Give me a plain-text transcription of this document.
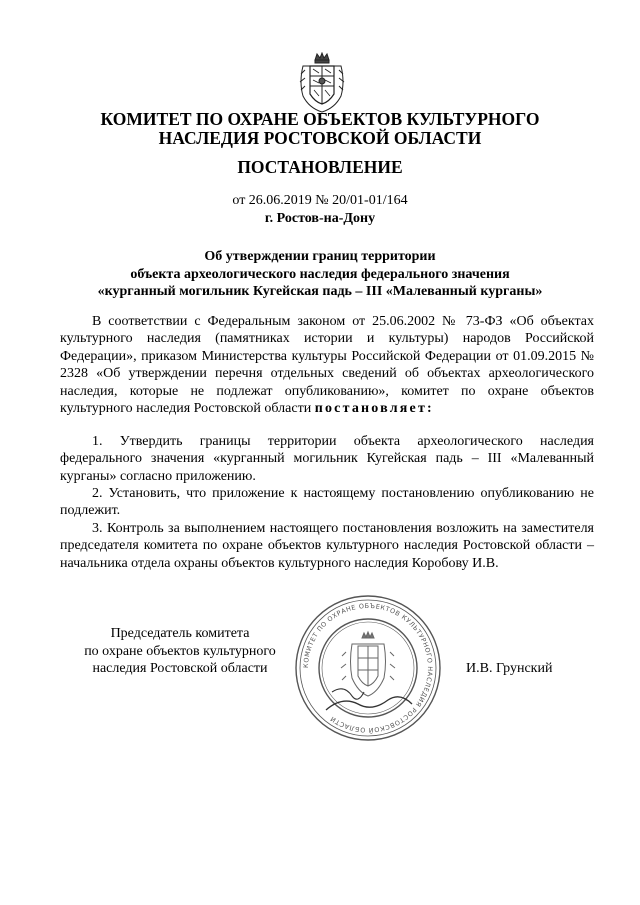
КОМИТЕТ ПО ОХРАНЕ ОБЪЕКТОВ КУЛЬТУРНОГО
НАСЛЕДИЯ РОСТОВСКОЙ ОБЛАСТИ
ПОСТАНОВЛЕНИЕ

от 26.06.2019 № 20/01-01/164

г. Ростов-на-Дону

Об утверждении границ территории
объекта археологического наследия федерального значения
«курганный могильник Кугейская падь – III «Малеванный курганы»

В соответствии с Федеральным законом от 25.06.2002 № 73-ФЗ «Об объектах культурного наследия (памятниках истории и культуры) народов Российской Федерации», приказом Министерства культуры Российской Федерации от 01.09.2015 № 2328 «Об утверждении перечня отдельных сведений об объектах археологического наследия, которые не подлежат опубликованию», комитет по охране объектов культурного наследия Ростовской области постановляет:

1. Утвердить границы территории объекта археологического наследия федерального значения «курганный могильник Кугейская падь – III «Малеванный курганы» согласно приложению.

2. Установить, что приложение к настоящему постановлению опубликованию не подлежит.

3. Контроль за выполнением настоящего постановления возложить на заместителя председателя комитета по охране объектов культурного наследия Ростовской области – начальника отдела охраны объектов культурного наследия Коробову И.В.

Председатель комитета
по охране объектов культурного
наследия Ростовской области	КОМИТЕТ ПО ОХРАНЕ ОБЪЕКТОВ КУЛЬТУРНОГО НАСЛЕДИЯ РОСТОВСКОЙ ОБЛАСТИ

И.В. Грунский
